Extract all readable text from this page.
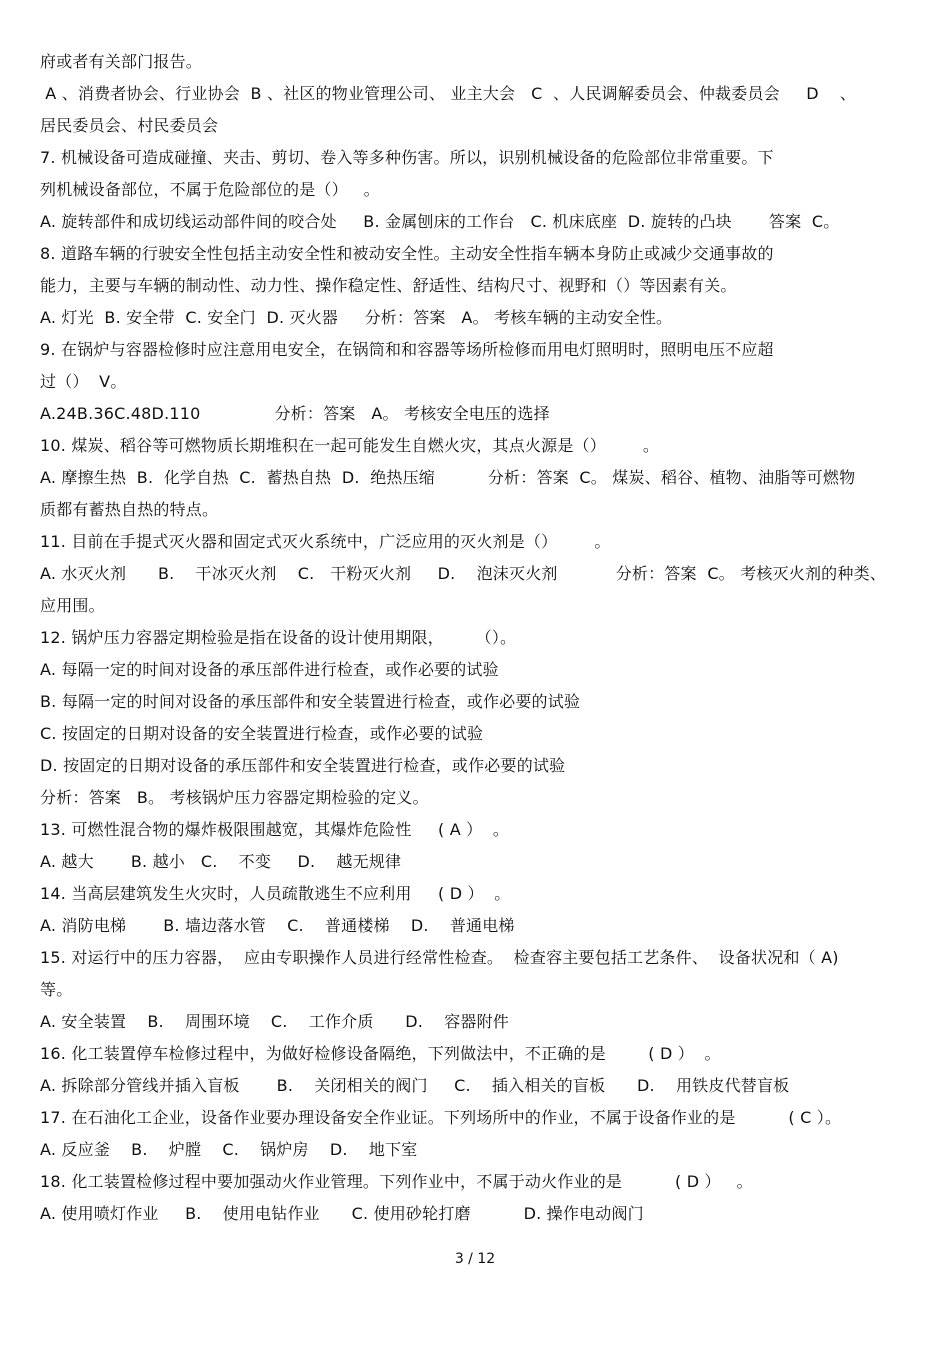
府或者有关部门报告。
A 、消费者协会、行业协会  B 、社区的物业管理公司、 业主大会   C  、人民调解委员会、仲裁委员会     D    、
居民委员会、村民委员会
7. 机械设备可造成碰撞、夹击、剪切、卷入等多种伤害。所以，识别机械设备的危险部位非常重要。下
列机械设备部位，不属于危险部位的是（）   。
A. 旋转部件和成切线运动部件间的咬合处     B. 金属刨床的工作台   C. 机床底座  D. 旋转的凸块       答案  C。
8. 道路车辆的行驶安全性包括主动安全性和被动安全性。主动安全性指车辆本身防止或减少交通事故的
能力，主要与车辆的制动性、动力性、操作稳定性、舒适性、结构尺寸、视野和（）等因素有关。
A. 灯光  B. 安全带  C. 安全门  D. 灭火器     分析：答案   A。 考核车辆的主动安全性。
9. 在锅炉与容器检修时应注意用电安全，在锅筒和和容器等场所检修而用电灯照明时，照明电压不应超
过（）  V。
A.24B.36C.48D.110              分析：答案   A。 考核安全电压的选择
10. 煤炭、稻谷等可燃物质长期堆积在一起可能发生自燃火灾，其点火源是（）       。
A. 摩擦生热  B.  化学自热  C.  蓄热自热  D.  绝热压缩          分析：答案  C。 煤炭、稻谷、植物、油脂等可燃物
质都有蓄热自热的特点。
11. 目前在手提式灭火器和固定式灭火系统中，广泛应用的灭火剂是（）       。
A. 水灭火剂      B.    干冰灭火剂    C.   干粉灭火剂     D.    泡沫灭火剂           分析：答案  C。 考核灭火剂的种类、
应用围。
12. 锅炉压力容器定期检验是指在设备的设计使用期限，      （）。
A. 每隔一定的时间对设备的承压部件进行检查，或作必要的试验
B. 每隔一定的时间对设备的承压部件和安全装置进行检查，或作必要的试验
C. 按固定的日期对设备的安全装置进行检查，或作必要的试验
D. 按固定的日期对设备的承压部件和安全装置进行检查，或作必要的试验
分析：答案   B。 考核锅炉压力容器定期检验的定义。
13. 可燃性混合物的爆炸极限围越宽，其爆炸危险性     ( A ）  。
A. 越大       B. 越小   C.    不变     D.    越无规律
14. 当高层建筑发生火灾时，人员疏散逃生不应利用     ( D ）  。
A. 消防电梯       B. 墙边落水管    C.    普通楼梯    D.    普通电梯
15. 对运行中的压力容器，  应由专职操作人员进行经常性检查。  检查容主要包括工艺条件、  设备状况和（ A)
等。
A. 安全装置    B.    周围环境    C.    工作介质      D.    容器附件
16. 化工装置停车检修过程中，为做好检修设备隔绝，下列做法中，不正确的是        ( D ）  。
A. 拆除部分管线并插入盲板       B.    关闭相关的阀门     C.    插入相关的盲板      D.    用铁皮代替盲板
17. 在石油化工企业，设备作业要办理设备安全作业证。下列场所中的作业，不属于设备作业的是          ( C ）。
A. 反应釜    B.    炉膛    C.    锅炉房    D.    地下室
18. 化工装置检修过程中要加强动火作业管理。下列作业中，不属于动火作业的是          ( D ）   。
A. 使用喷灯作业     B.    使用电钻作业      C. 使用砂轮打磨          D. 操作电动阀门
3 / 12
